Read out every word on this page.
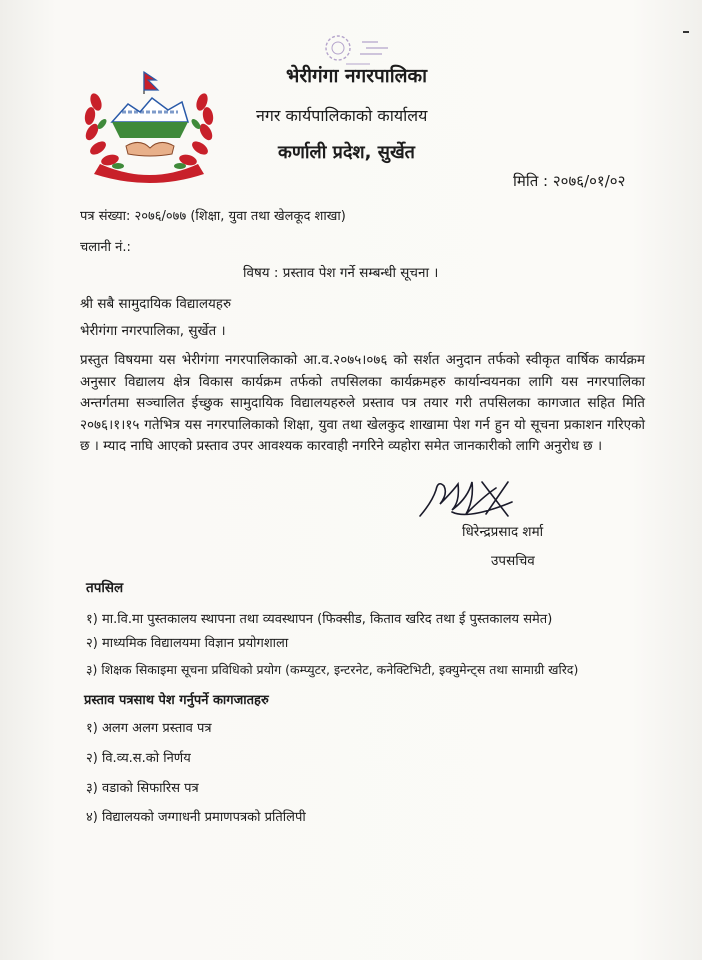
भेरीगंगा नगरपालिका
नगर कार्यपालिकाको कार्यालय
कर्णाली प्रदेश, सुर्खेत
मिति : २०७६/०१/०२
पत्र संख्या: २०७६/०७७ (शिक्षा, युवा तथा खेलकूद शाखा)
चलानी नं.:
विषय : प्रस्ताव पेश गर्ने सम्बन्धी सूचना ।
श्री सबै सामुदायिक विद्यालयहरु
भेरीगंगा नगरपालिका, सुर्खेत ।
प्रस्तुत विषयमा यस भेरीगंगा नगरपालिकाको आ.व.२०७५।०७६ को सर्शत अनुदान तर्फको स्वीकृत वार्षिक कार्यक्रम अनुसार विद्यालय क्षेत्र विकास कार्यक्रम तर्फको तपसिलका कार्यक्रमहरु कार्यान्वयनका लागि यस नगरपालिका अन्तर्गतमा सञ्चालित ईच्छुक सामुदायिक विद्यालयहरुले प्रस्ताव पत्र तयार गरी तपसिलका कागजात सहित मिति २०७६।१।१५ गतेभित्र यस नगरपालिकाको शिक्षा, युवा तथा खेलकुद शाखामा पेश गर्न हुन यो सूचना प्रकाशन गरिएको छ । म्याद नाघि आएको प्रस्ताव उपर आवश्यक कारवाही नगरिने व्यहोरा समेत जानकारीको लागि अनुरोध छ ।
धिरेन्द्रप्रसाद शर्मा
उपसचिव
तपसिल
१) मा.वि.मा पुस्तकालय स्थापना तथा व्यवस्थापन (फिक्सीड, किताव खरिद तथा ई पुस्तकालय समेत)
२) माध्यमिक विद्यालयमा विज्ञान प्रयोगशाला
३) शिक्षक सिकाइमा सूचना प्रविधिको प्रयोग (कम्प्युटर, इन्टरनेट, कनेक्टिभिटी, इक्युमेन्ट्स तथा सामाग्री खरिद)
प्रस्ताव पत्रसाथ पेश गर्नुपर्ने कागजातहरु
१) अलग अलग प्रस्ताव पत्र
२) वि.व्य.स.को निर्णय
३) वडाको सिफारिस पत्र
४) विद्यालयको जग्गाधनी प्रमाणपत्रको प्रतिलिपी
